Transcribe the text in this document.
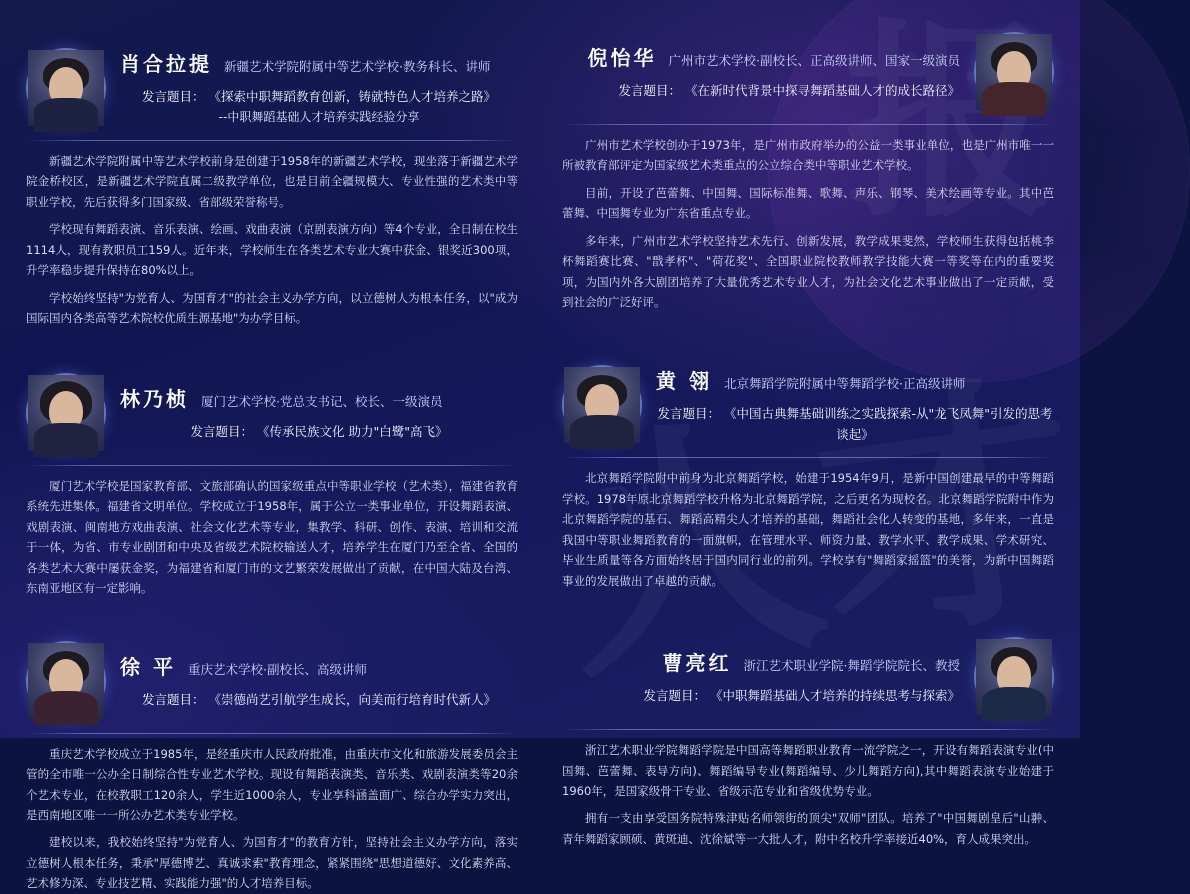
BDA
肖合拉提 新疆艺术学院附属中等艺术学校·教务科长、讲师
发言题目： 《探索中职舞蹈教育创新，铸就特色人才培养之路》
--中职舞蹈基础人才培养实践经验分享

新疆艺术学院附属中等艺术学校前身是创建于1958年的新疆艺术学校，现坐落于新疆艺术学院金桥校区，是新疆艺术学院直属二级教学单位，也是目前全疆规模大、专业性强的艺术类中等职业学校，先后获得多门国家级、省部级荣誉称号。

学校现有舞蹈表演、音乐表演、绘画、戏曲表演（京剧表演方向）等4个专业，全日制在校生1114人，现有教职员工159人。近年来，学校师生在各类艺术专业大赛中获金、银奖近300项，升学率稳步提升保持在80%以上。

学校始终坚持"为党育人、为国育才"的社会主义办学方向，以立德树人为根本任务，以"成为国际国内各类高等艺术院校优质生源基地"为办学目标。

林乃桢 厦门艺术学校·党总支书记、校长、一级演员
发言题目： 《传承民族文化 助力"白鹭"高飞》

厦门艺术学校是国家教育部、文旅部确认的国家级重点中等职业学校（艺术类），福建省教育系统先进集体。福建省文明单位。学校成立于1958年，属于公立一类事业单位，开设舞蹈表演、戏剧表演、闽南地方戏曲表演、社会文化艺术等专业，集教学、科研、创作、表演、培训和交流于一体，为省、市专业剧团和中央及省级艺术院校输送人才，培养学生在厦门乃至全省、全国的各类艺术大赛中屡获金奖，为福建省和厦门市的文艺繁荣发展做出了贡献，在中国大陆及台湾、东南亚地区有一定影响。

徐 平 重庆艺术学校·副校长、高级讲师
发言题目： 《崇德尚艺引航学生成长，向美而行培育时代新人》

重庆艺术学校成立于1985年，是经重庆市人民政府批准，由重庆市文化和旅游发展委员会主管的全市唯一公办全日制综合性专业艺术学校。现设有舞蹈表演类、音乐类、戏剧表演类等20余个艺术专业，在校教职工120余人，学生近1000余人，专业享科涵盖面广、综合办学实力突出，是西南地区唯一一所公办艺术类专业学校。

建校以来，我校始终坚持"为党育人、为国育才"的教育方针，坚持社会主义办学方向，落实立德树人根本任务，秉承"厚德博艺、真诚求索"教育理念，紧紧围绕"思想道德好、文化素养高、艺术修为深、专业技艺精、实践能力强"的人才培养目标。

广州市艺术学校·副校长、正高级讲师、国家一级演员
倪怡华
发言题目： 《在新时代背景中探寻舞蹈基础人才的成长路径》

广州市艺术学校创办于1973年，是广州市政府举办的公益一类事业单位，也是广州市唯一一所被教育部评定为国家级艺术类重点的公立综合类中等职业艺术学校。

目前，开设了芭蕾舞、中国舞、国际标准舞、歌舞、声乐、钢琴、美术绘画等专业。其中芭蕾舞、中国舞专业为广东省重点专业。

多年来，广州市艺术学校坚持艺术先行、创新发展，教学成果斐然，学校师生获得包括桃李杯舞蹈赛比赛、"戬孝杯"、"荷花奖"、全国职业院校教师教学技能大赛一等奖等在内的重要奖项，为国内外各大剧团培养了大量优秀艺术专业人才，为社会文化艺术事业做出了一定贡献，受到社会的广泛好评。

黄 翎 北京舞蹈学院附属中等舞蹈学校·正高级讲师
发言题目： 《中国古典舞基础训练之实践探索-从"龙飞凤舞"引发的思考谈起》

北京舞蹈学院附中前身为北京舞蹈学校，始建于1954年9月，是新中国创建最早的中等舞蹈学校。1978年原北京舞蹈学校升格为北京舞蹈学院，之后更名为现校名。北京舞蹈学院附中作为北京舞蹈学院的基石、舞蹈高精尖人才培养的基础，舞蹈社会化人转变的基地，多年来，一直是我国中等职业舞蹈教育的一面旗帜，在管理水平、师资力量、教学水平、教学成果、学术研究、毕业生质量等各方面始终居于国内同行业的前列。学校享有"舞蹈家摇篮"的美誉，为新中国舞蹈事业的发展做出了卓越的贡献。

浙江艺术职业学院·舞蹈学院院长、教授
曹亮红
发言题目： 《中职舞蹈基础人才培养的持续思考与探索》

浙江艺术职业学院舞蹈学院是中国高等舞蹈职业教育一流学院之一，开设有舞蹈表演专业(中国舞、芭蕾舞、表导方向)、舞蹈编导专业(舞蹈编导、少儿舞蹈方向),其中舞蹈表演专业始建于1960年，是国家级骨干专业、省级示范专业和省级优势专业。

拥有一支由享受国务院特殊津贴名师领街的顶尖"双师"团队。培养了"中国舞剧皇后"山翀、青年舞蹈家顾硕、黄斑迪、沈徐斌等一大批人才，附中名校升学率接近40%，育人成果突出。
